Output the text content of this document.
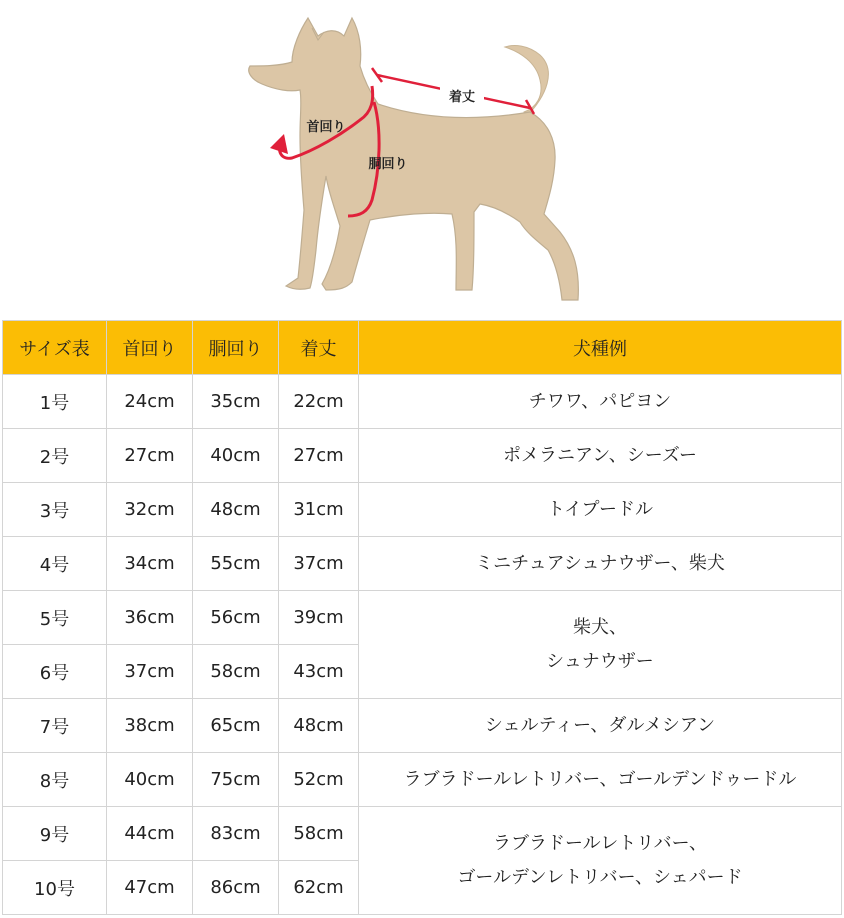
着丈
首回り
胴回り
サイズ表	首回り	胴回り	着丈	犬種例
1号	24cm	35cm	22cm	チワワ、パピヨン
2号	27cm	40cm	27cm	ポメラニアン、シーズー
3号	32cm	48cm	31cm	トイプードル
4号	34cm	55cm	37cm	ミニチュアシュナウザー、柴犬
5号	36cm	56cm	39cm	柴犬、
シュナウザー
6号	37cm	58cm	43cm	
7号	38cm	65cm	48cm	シェルティー、ダルメシアン
8号	40cm	75cm	52cm	ラブラドールレトリバー、ゴールデンドゥードル
9号	44cm	83cm	58cm	ラブラドールレトリバー、
ゴールデンレトリバー、シェパード
10号	47cm	86cm	62cm	
